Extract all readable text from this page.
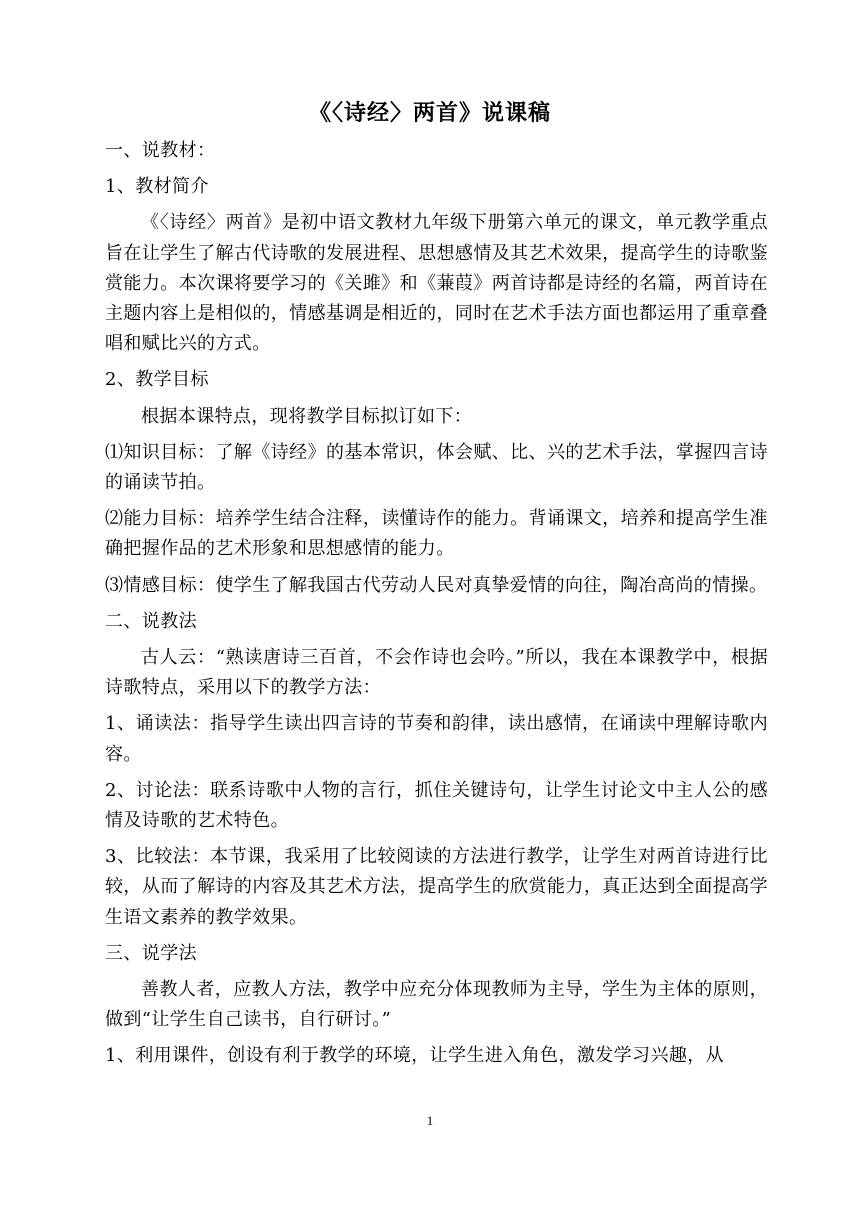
《〈诗经〉两首》说课稿

一、说教材：

1、教材简介

《〈诗经〉两首》是初中语文教材九年级下册第六单元的课文，单元教学重点旨在让学生了解古代诗歌的发展进程、思想感情及其艺术效果，提高学生的诗歌鉴赏能力。本次课将要学习的《关雎》和《蒹葭》两首诗都是诗经的名篇，两首诗在主题内容上是相似的，情感基调是相近的，同时在艺术手法方面也都运用了重章叠唱和赋比兴的方式。

2、教学目标

根据本课特点，现将教学目标拟订如下：

⑴知识目标：了解《诗经》的基本常识，体会赋、比、兴的艺术手法，掌握四言诗的诵读节拍。

⑵能力目标：培养学生结合注释，读懂诗作的能力。背诵课文，培养和提高学生准确把握作品的艺术形象和思想感情的能力。

⑶情感目标：使学生了解我国古代劳动人民对真挚爱情的向往，陶冶高尚的情操。

二、说教法

古人云：“熟读唐诗三百首，不会作诗也会吟。”所以，我在本课教学中，根据诗歌特点，采用以下的教学方法：

1、诵读法：指导学生读出四言诗的节奏和韵律，读出感情，在诵读中理解诗歌内容。

2、讨论法：联系诗歌中人物的言行，抓住关键诗句，让学生讨论文中主人公的感情及诗歌的艺术特色。

3、比较法：本节课，我采用了比较阅读的方法进行教学，让学生对两首诗进行比较，从而了解诗的内容及其艺术方法，提高学生的欣赏能力，真正达到全面提高学生语文素养的教学效果。

三、说学法

善教人者，应教人方法，教学中应充分体现教师为主导，学生为主体的原则，做到“让学生自己读书，自行研讨。”

1、利用课件，创设有利于教学的环境，让学生进入角色，激发学习兴趣，从

1
